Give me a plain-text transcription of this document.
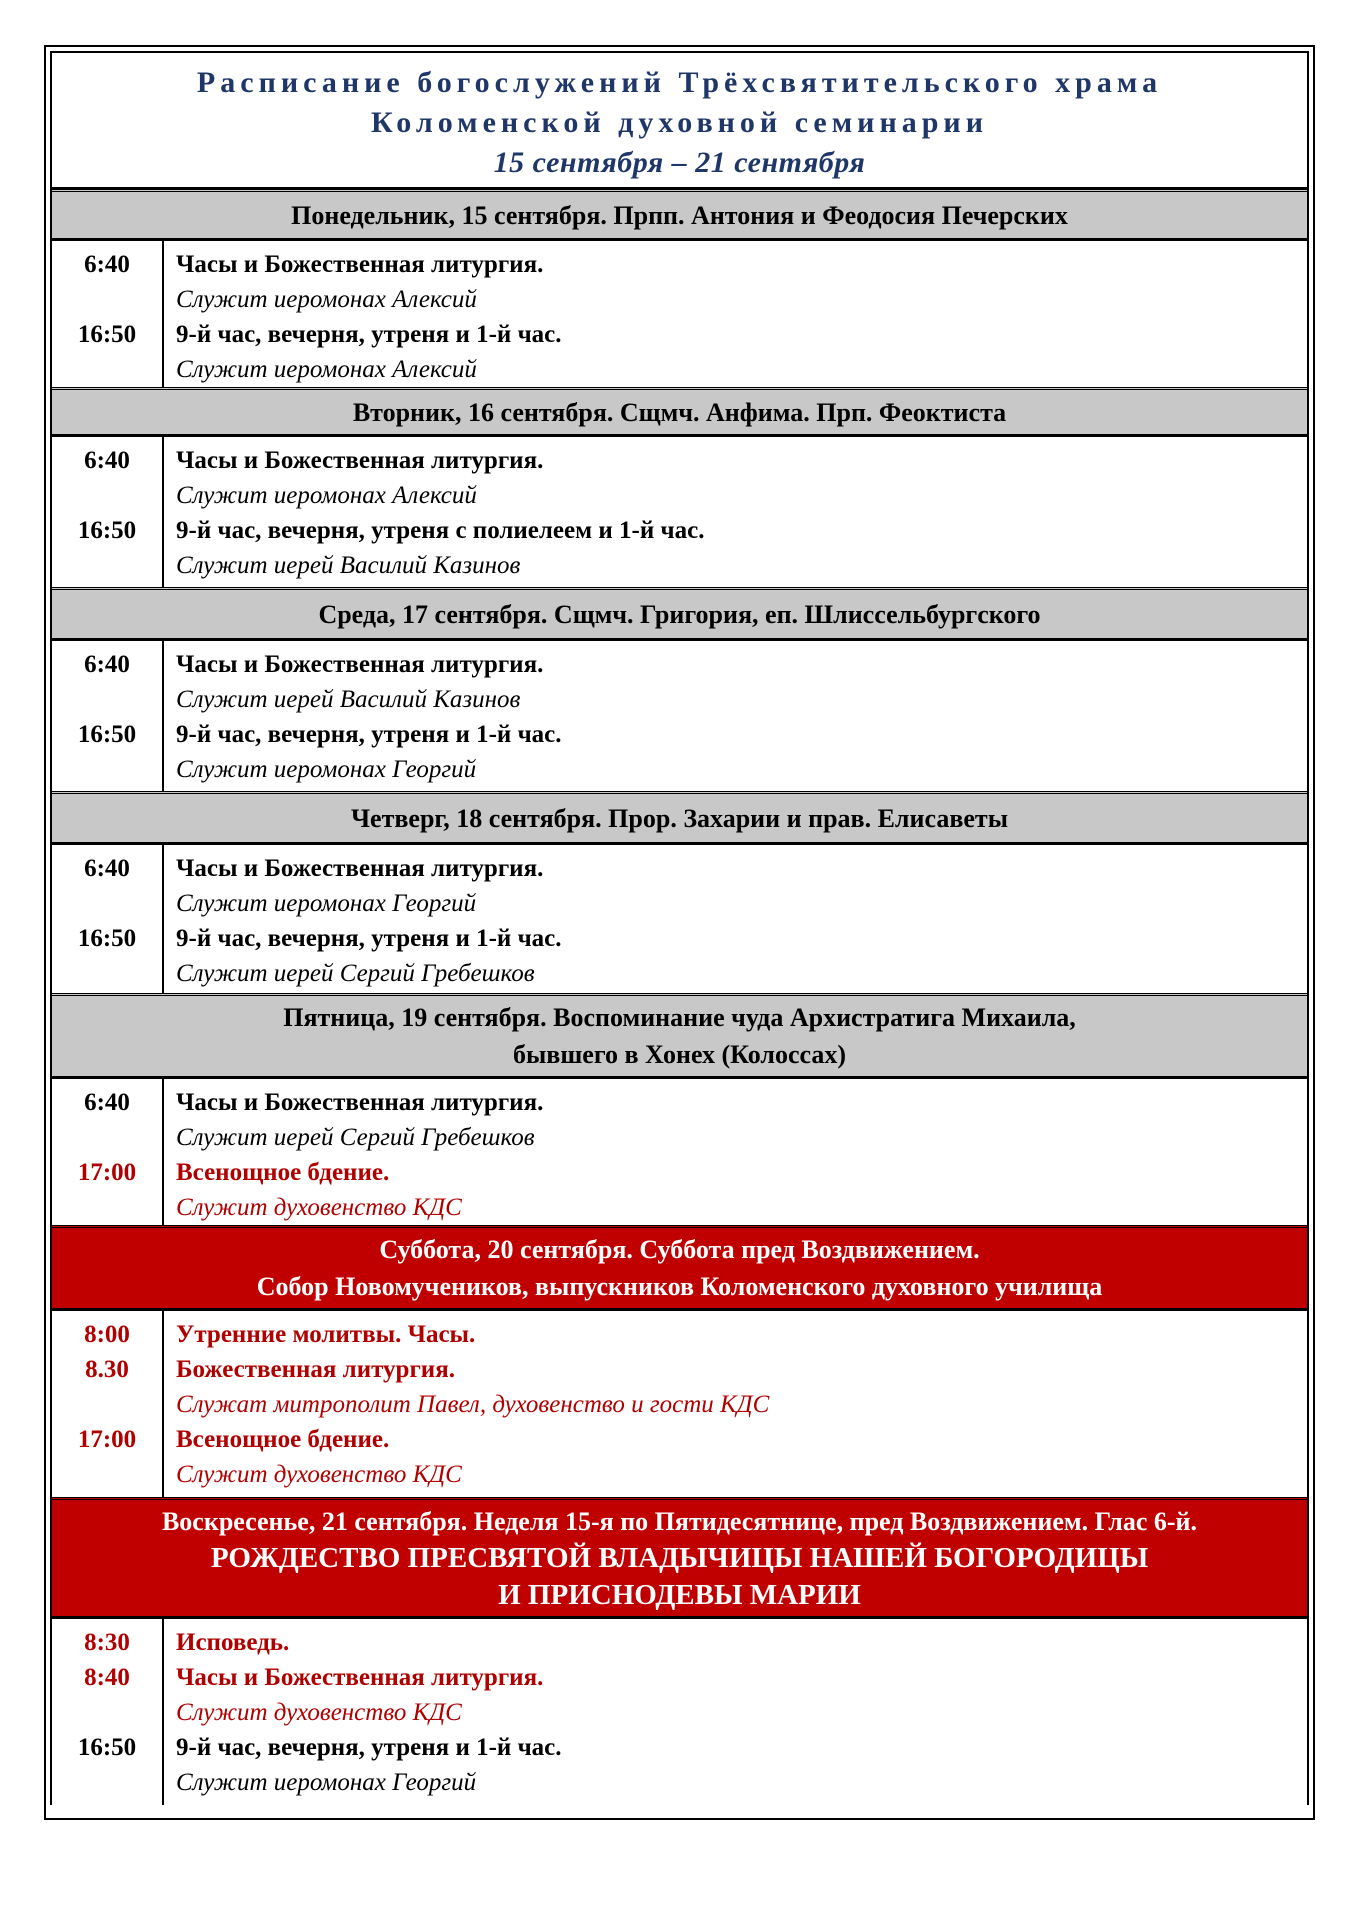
Расписание богослужений Трёхсвятительского храма
Коломенской духовной семинарии
15 сентября – 21 сентября
Понедельник, 15 сентября. Прпп. Антония и Феодосия Печерских
6:40
16:50
Часы и Божественная литургия.
Служит иеромонах Алексий
9-й час, вечерня, утреня и 1-й час.
Служит иеромонах Алексий
Вторник, 16 сентября. Сщмч. Анфима. Прп. Феоктиста
6:40
16:50
Часы и Божественная литургия.
Служит иеромонах Алексий
9-й час, вечерня, утреня с полиелеем и 1-й час.
Служит иерей Василий Казинов
Среда, 17 сентября. Сщмч. Григория, еп. Шлиссельбургского
6:40
16:50
Часы и Божественная литургия.
Служит иерей Василий Казинов
9-й час, вечерня, утреня и 1-й час.
Служит иеромонах Георгий
Четверг, 18 сентября. Прор. Захарии и прав. Елисаветы
6:40
16:50
Часы и Божественная литургия.
Служит иеромонах Георгий
9-й час, вечерня, утреня и 1-й час.
Служит иерей Сергий Гребешков
Пятница, 19 сентября. Воспоминание чуда Архистратига Михаила,
бывшего в Хонех (Колоссах)
6:40
17:00
Часы и Божественная литургия.
Служит иерей Сергий Гребешков
Всенощное бдение.
Служит духовенство КДС
Суббота, 20 сентября. Суббота пред Воздвижением.
Собор Новомучеников, выпускников Коломенского духовного училища
8:00
8.30
17:00
Утренние молитвы. Часы.
Божественная литургия.
Служат митрополит Павел, духовенство и гости КДС
Всенощное бдение.
Служит духовенство КДС
Воскресенье, 21 сентября. Неделя 15-я по Пятидесятнице, пред Воздвижением. Глас 6-й.
РОЖДЕСТВО ПРЕСВЯТОЙ ВЛАДЫЧИЦЫ НАШЕЙ БОГОРОДИЦЫ
И ПРИСНОДЕВЫ МАРИИ
8:30
8:40
16:50
Исповедь.
Часы и Божественная литургия.
Служит духовенство КДС
9-й час, вечерня, утреня и 1-й час.
Служит иеромонах Георгий
